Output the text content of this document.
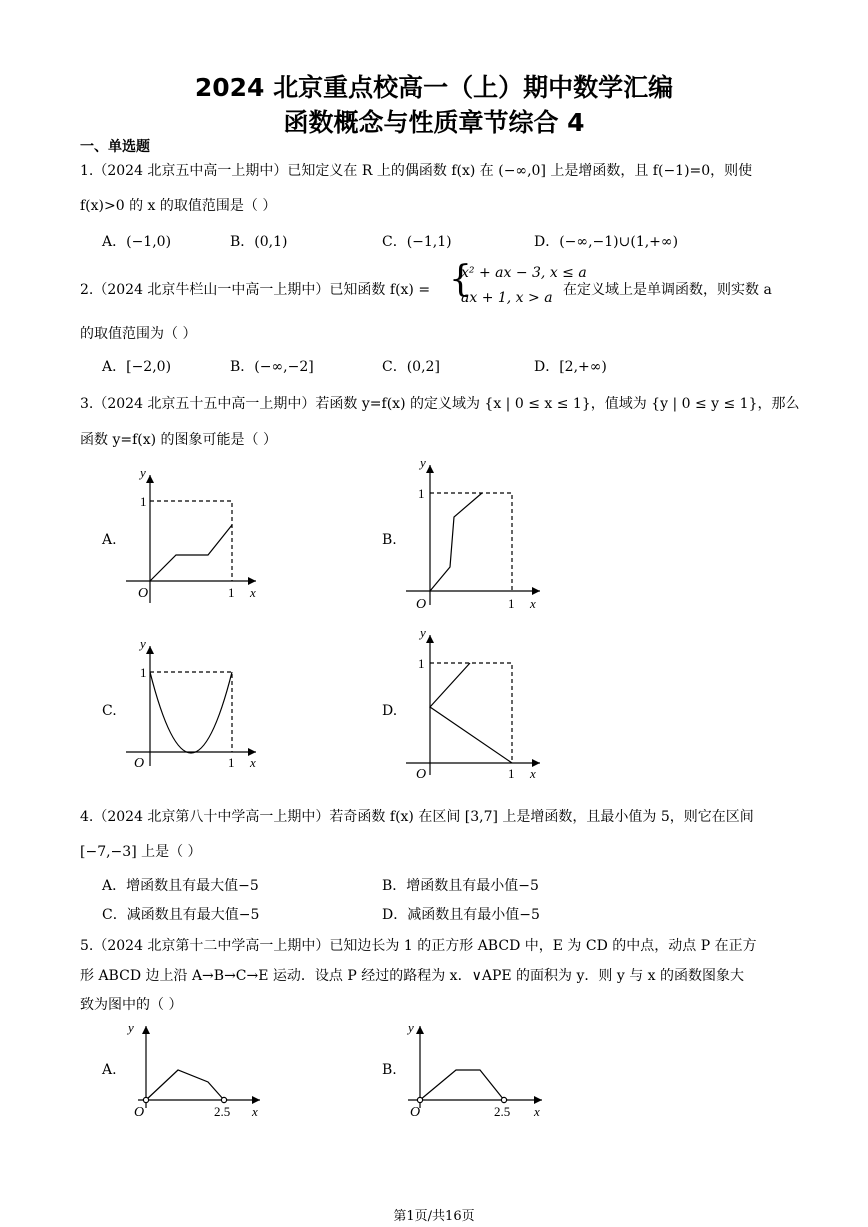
2024 北京重点校高一（上）期中数学汇编
函数概念与性质章节综合 4
一、单选题
1.（2024 北京五中高一上期中）已知定义在 R 上的偶函数 f(x) 在 (−∞,0] 上是增函数，且 f(−1)=0，则使
f(x)>0 的 x 的取值范围是（ ）
A．(−1,0)	B．(0,1)	C．(−1,1)	D．(−∞,−1)∪(1,+∞)
2.（2024 北京牛栏山一中高一上期中）已知函数 f(x) = {
x² + ax − 3, x ≤ a
ax + 1, x > a 在定义域上是单调函数，则实数 a
的取值范围为（ ）
A．[−2,0)	B．(−∞,−2]	C．(0,2]	D．[2,+∞)
3.（2024 北京五十五中高一上期中）若函数 y=f(x) 的定义域为 {x | 0 ≤ x ≤ 1}，值域为 {y | 0 ≤ y ≤ 1}，那么
函数 y=f(x) 的图象可能是（ ）
A.	B.
C.	D.
y
1
O	1 x
y
1
O	1 x
y
1
O	1 x
y
1
O	1 x
4.（2024 北京第八十中学高一上期中）若奇函数 f(x) 在区间 [3,7] 上是增函数，且最小值为 5，则它在区间
[−7,−3] 上是（ ）
A．增函数且有最大值−5	B．增函数且有最小值−5
C．减函数且有最大值−5	D．减函数且有最小值−5
5.（2024 北京第十二中学高一上期中）已知边长为 1 的正方形 ABCD 中，E 为 CD 的中点，动点 P 在正方
形 ABCD 边上沿 A→B→C→E 运动．设点 P 经过的路程为 x．∨APE 的面积为 y．则 y 与 x 的函数图象大
致为图中的（ ）
A.	B.
y
O	2.5 x
y
O	2.5 x
第1页/共16页
